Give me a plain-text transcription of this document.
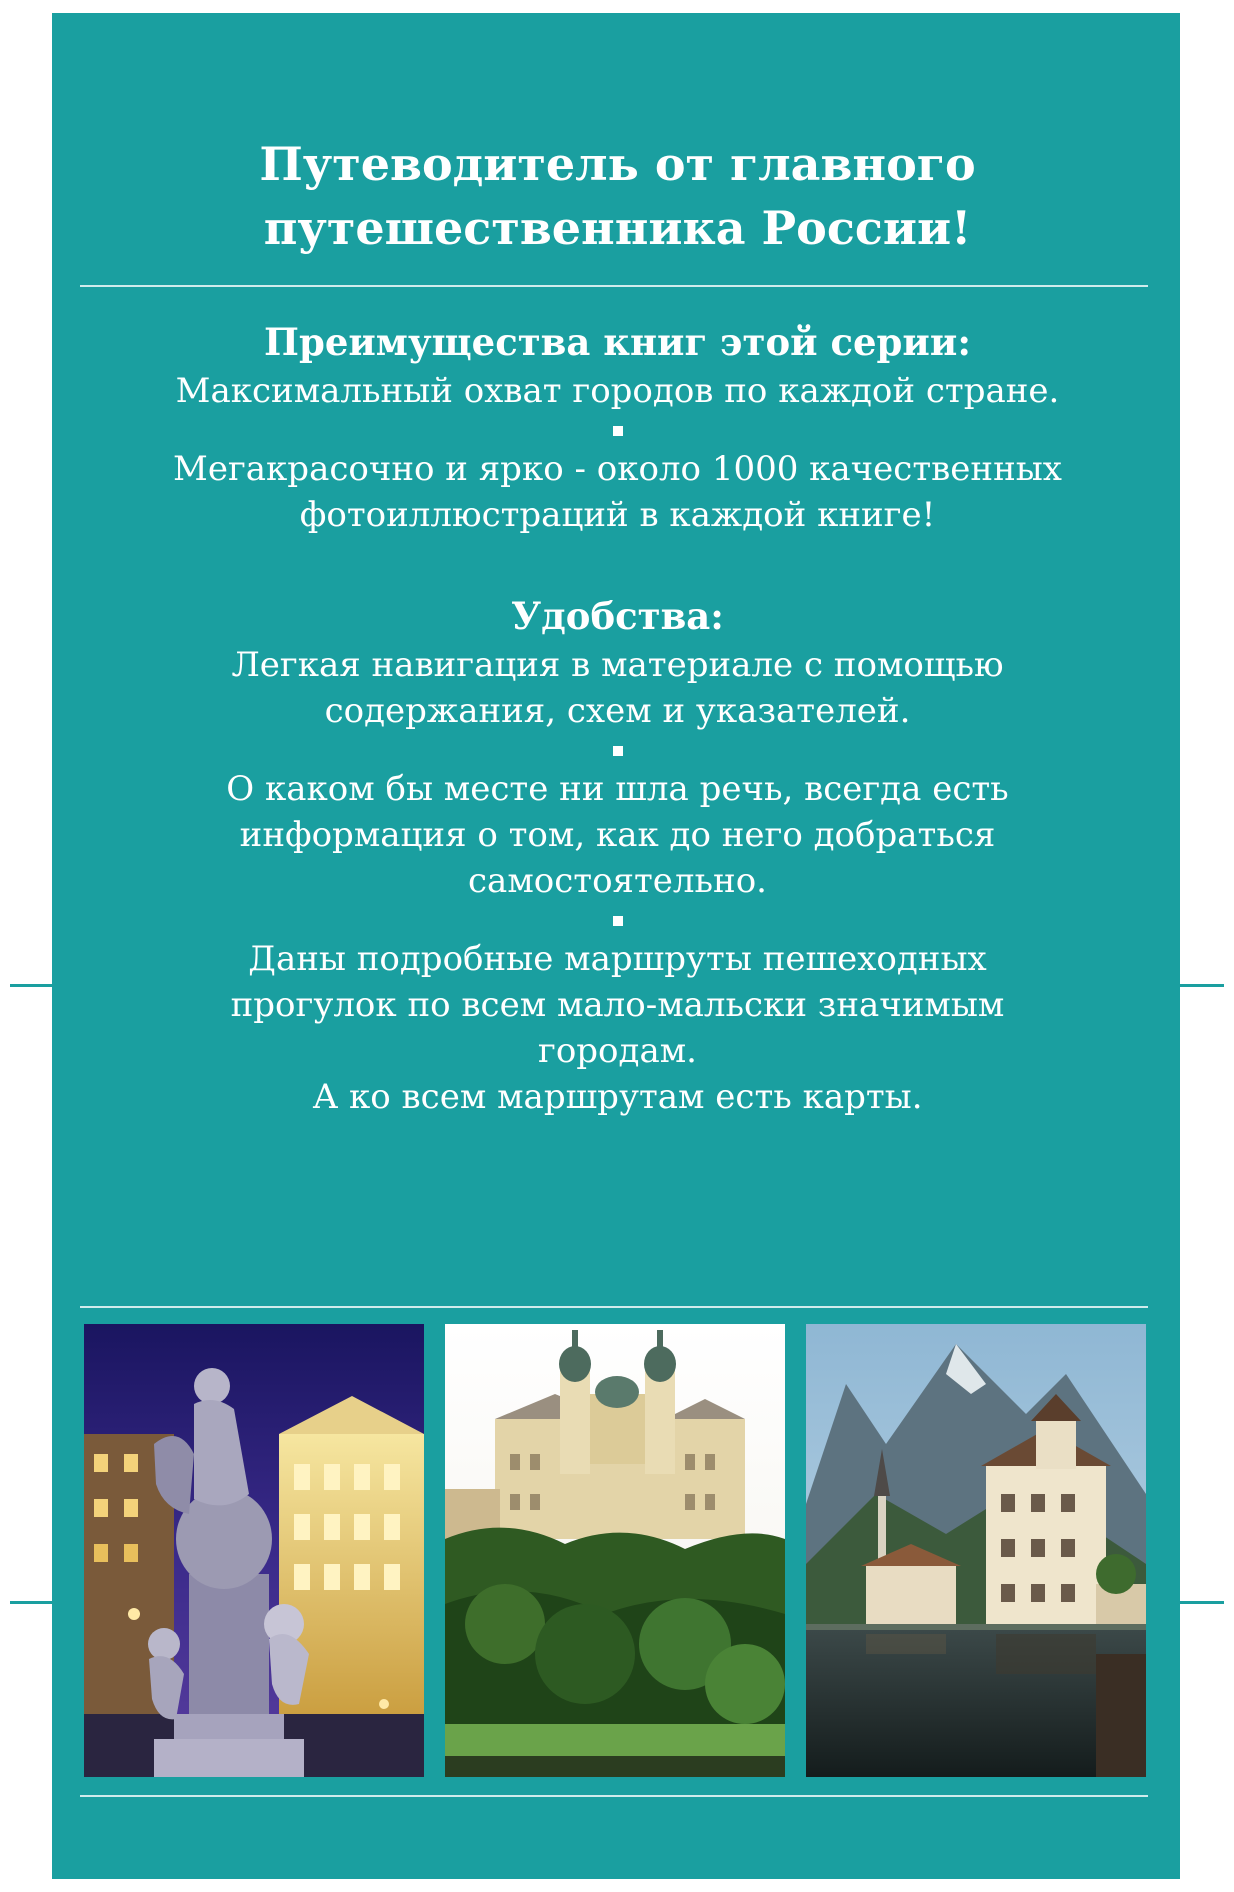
Путеводитель от главного
путешественника России!

Преимущества книг этой серии:

Максимальный охват городов по каждой стране.

Мегакрасочно и ярко - около 1000 качественных
фотоиллюстраций в каждой книге!

Удобства:

Легкая навигация в материале с помощью
содержания, схем и указателей.

О каком бы месте ни шла речь, всегда есть
информация о том, как до него добраться
самостоятельно.

Даны подробные маршруты пешеходных
прогулок по всем мало-мальски значимым
городам.

А ко всем маршрутам есть карты.
